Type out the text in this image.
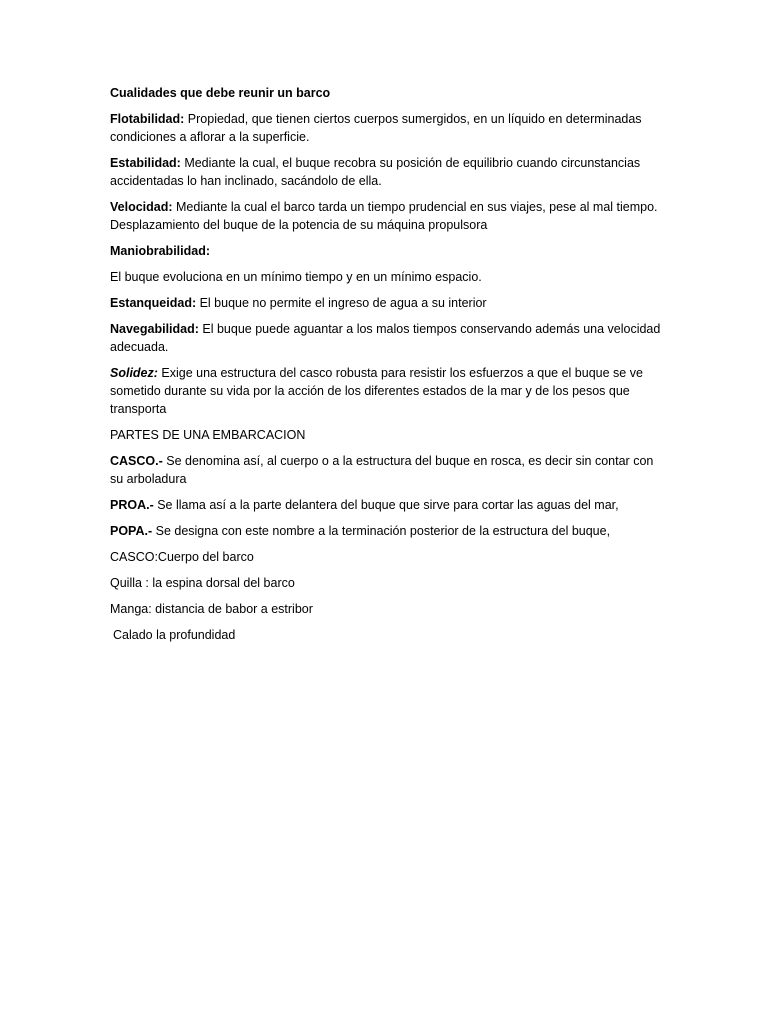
Cualidades que debe reunir un barco

Flotabilidad: Propiedad, que tienen ciertos cuerpos sumergidos, en un líquido en determinadas condiciones a aflorar a la superficie.

Estabilidad: Mediante la cual, el buque recobra su posición de equilibrio cuando circunstancias accidentadas lo han inclinado, sacándolo de ella.

Velocidad: Mediante la cual el barco tarda un tiempo prudencial en sus viajes, pese al mal tiempo. Desplazamiento del buque de la potencia de su máquina propulsora

Maniobrabilidad:

El buque evoluciona en un mínimo tiempo y en un mínimo espacio.

Estanqueidad: El buque no permite el ingreso de agua a su interior

Navegabilidad: El buque puede aguantar a los malos tiempos conservando además una velocidad adecuada.

Solidez: Exige una estructura del casco robusta para resistir los esfuerzos a que el buque se ve sometido durante su vida por la acción de los diferentes estados de la mar y de los pesos que transporta

PARTES DE UNA EMBARCACION

CASCO.- Se denomina así, al cuerpo o a la estructura del buque en rosca, es decir sin contar con su arboladura

PROA.- Se llama así a la parte delantera del buque que sirve para cortar las aguas del mar,

POPA.- Se designa con este nombre a la terminación posterior de la estructura del buque,

CASCO:Cuerpo del barco

Quilla : la espina dorsal del barco

Manga: distancia de babor a estribor

Calado la profundidad
